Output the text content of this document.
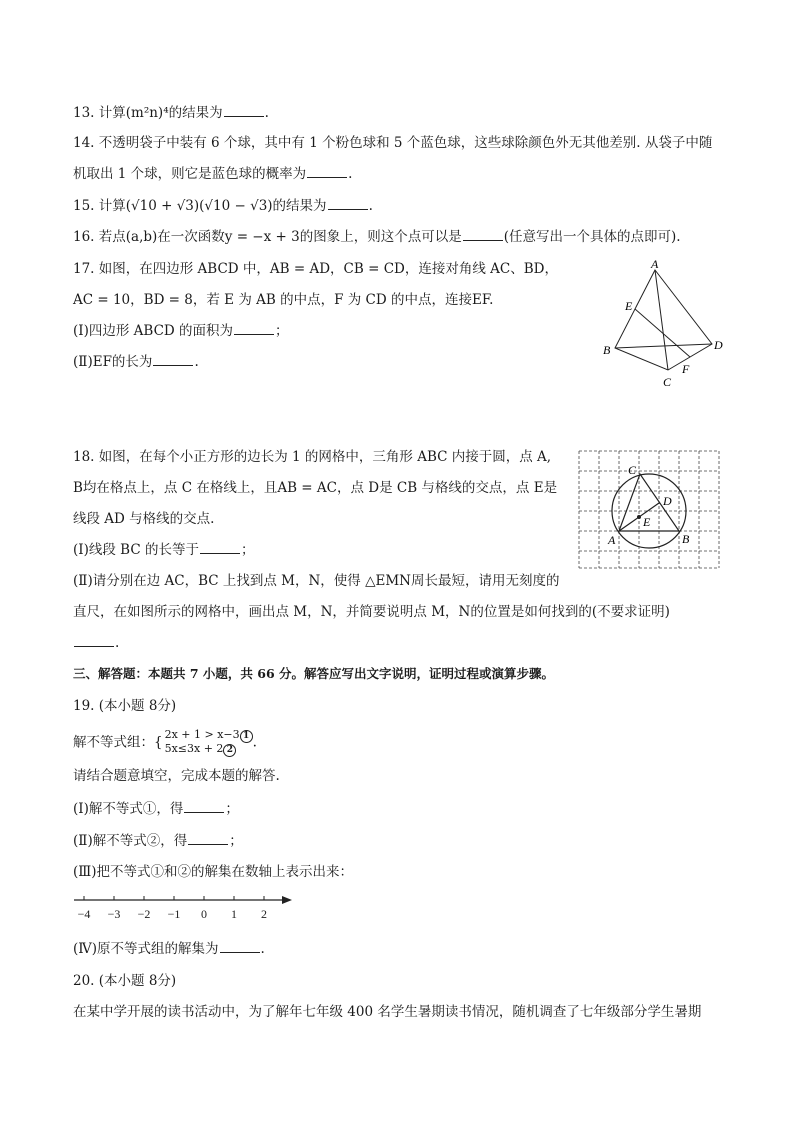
13. 计算(m²n)⁴的结果为	.
14. 不透明袋子中装有 6 个球，其中有 1 个粉色球和 5 个蓝色球，这些球除颜色外无其他差别. 从袋子中随
机取出 1 个球，则它是蓝色球的概率为	.
15. 计算(√10 + √3)(√10 − √3)的结果为	.
16. 若点(a,b)在一次函数y = −x + 3的图象上，则这个点可以是	(任意写出一个具体的点即可).
17. 如图，在四边形 ABCD 中，AB = AD，CB = CD，连接对角线 AC、BD，
AC = 10，BD = 8，若 E 为 AB 的中点，F 为 CD 的中点，连接EF.
(Ⅰ)四边形 ABCD 的面积为	；
(Ⅱ)EF的长为	.
A
B
C
D
E
F
18. 如图，在每个小正方形的边长为 1 的网格中，三角形 ABC 内接于圆，点 A,
B均在格点上，点 C 在格线上，且AB = AC，点 D是 CB 与格线的交点，点 E是
线段 AD 与格线的交点.
(Ⅰ)线段 BC 的长等于	；
(Ⅱ)请分别在边 AC，BC 上找到点 M，N，使得 △EMN周长最短，请用无刻度的
直尺，在如图所示的网格中，画出点 M，N，并简要说明点 M，N的位置是如何找到的(不要求证明)
.
A	B
C
D
E
三、解答题：本题共 7 小题，共 66 分。解答应写出文字说明，证明过程或演算步骤。
19. (本小题 8分)
解不等式组：{ 2x + 1 > x−3 1
5x≤3x + 2 2	.
请结合题意填空，完成本题的解答.
(Ⅰ)解不等式①，得	；
(Ⅱ)解不等式②，得	；
(Ⅲ)把不等式①和②的解集在数轴上表示出来：
−4 −3 −2 −1 0 1 2
(Ⅳ)原不等式组的解集为	.
20. (本小题 8分)
在某中学开展的读书活动中，为了解年七年级 400 名学生暑期读书情况，随机调查了七年级部分学生暑期
